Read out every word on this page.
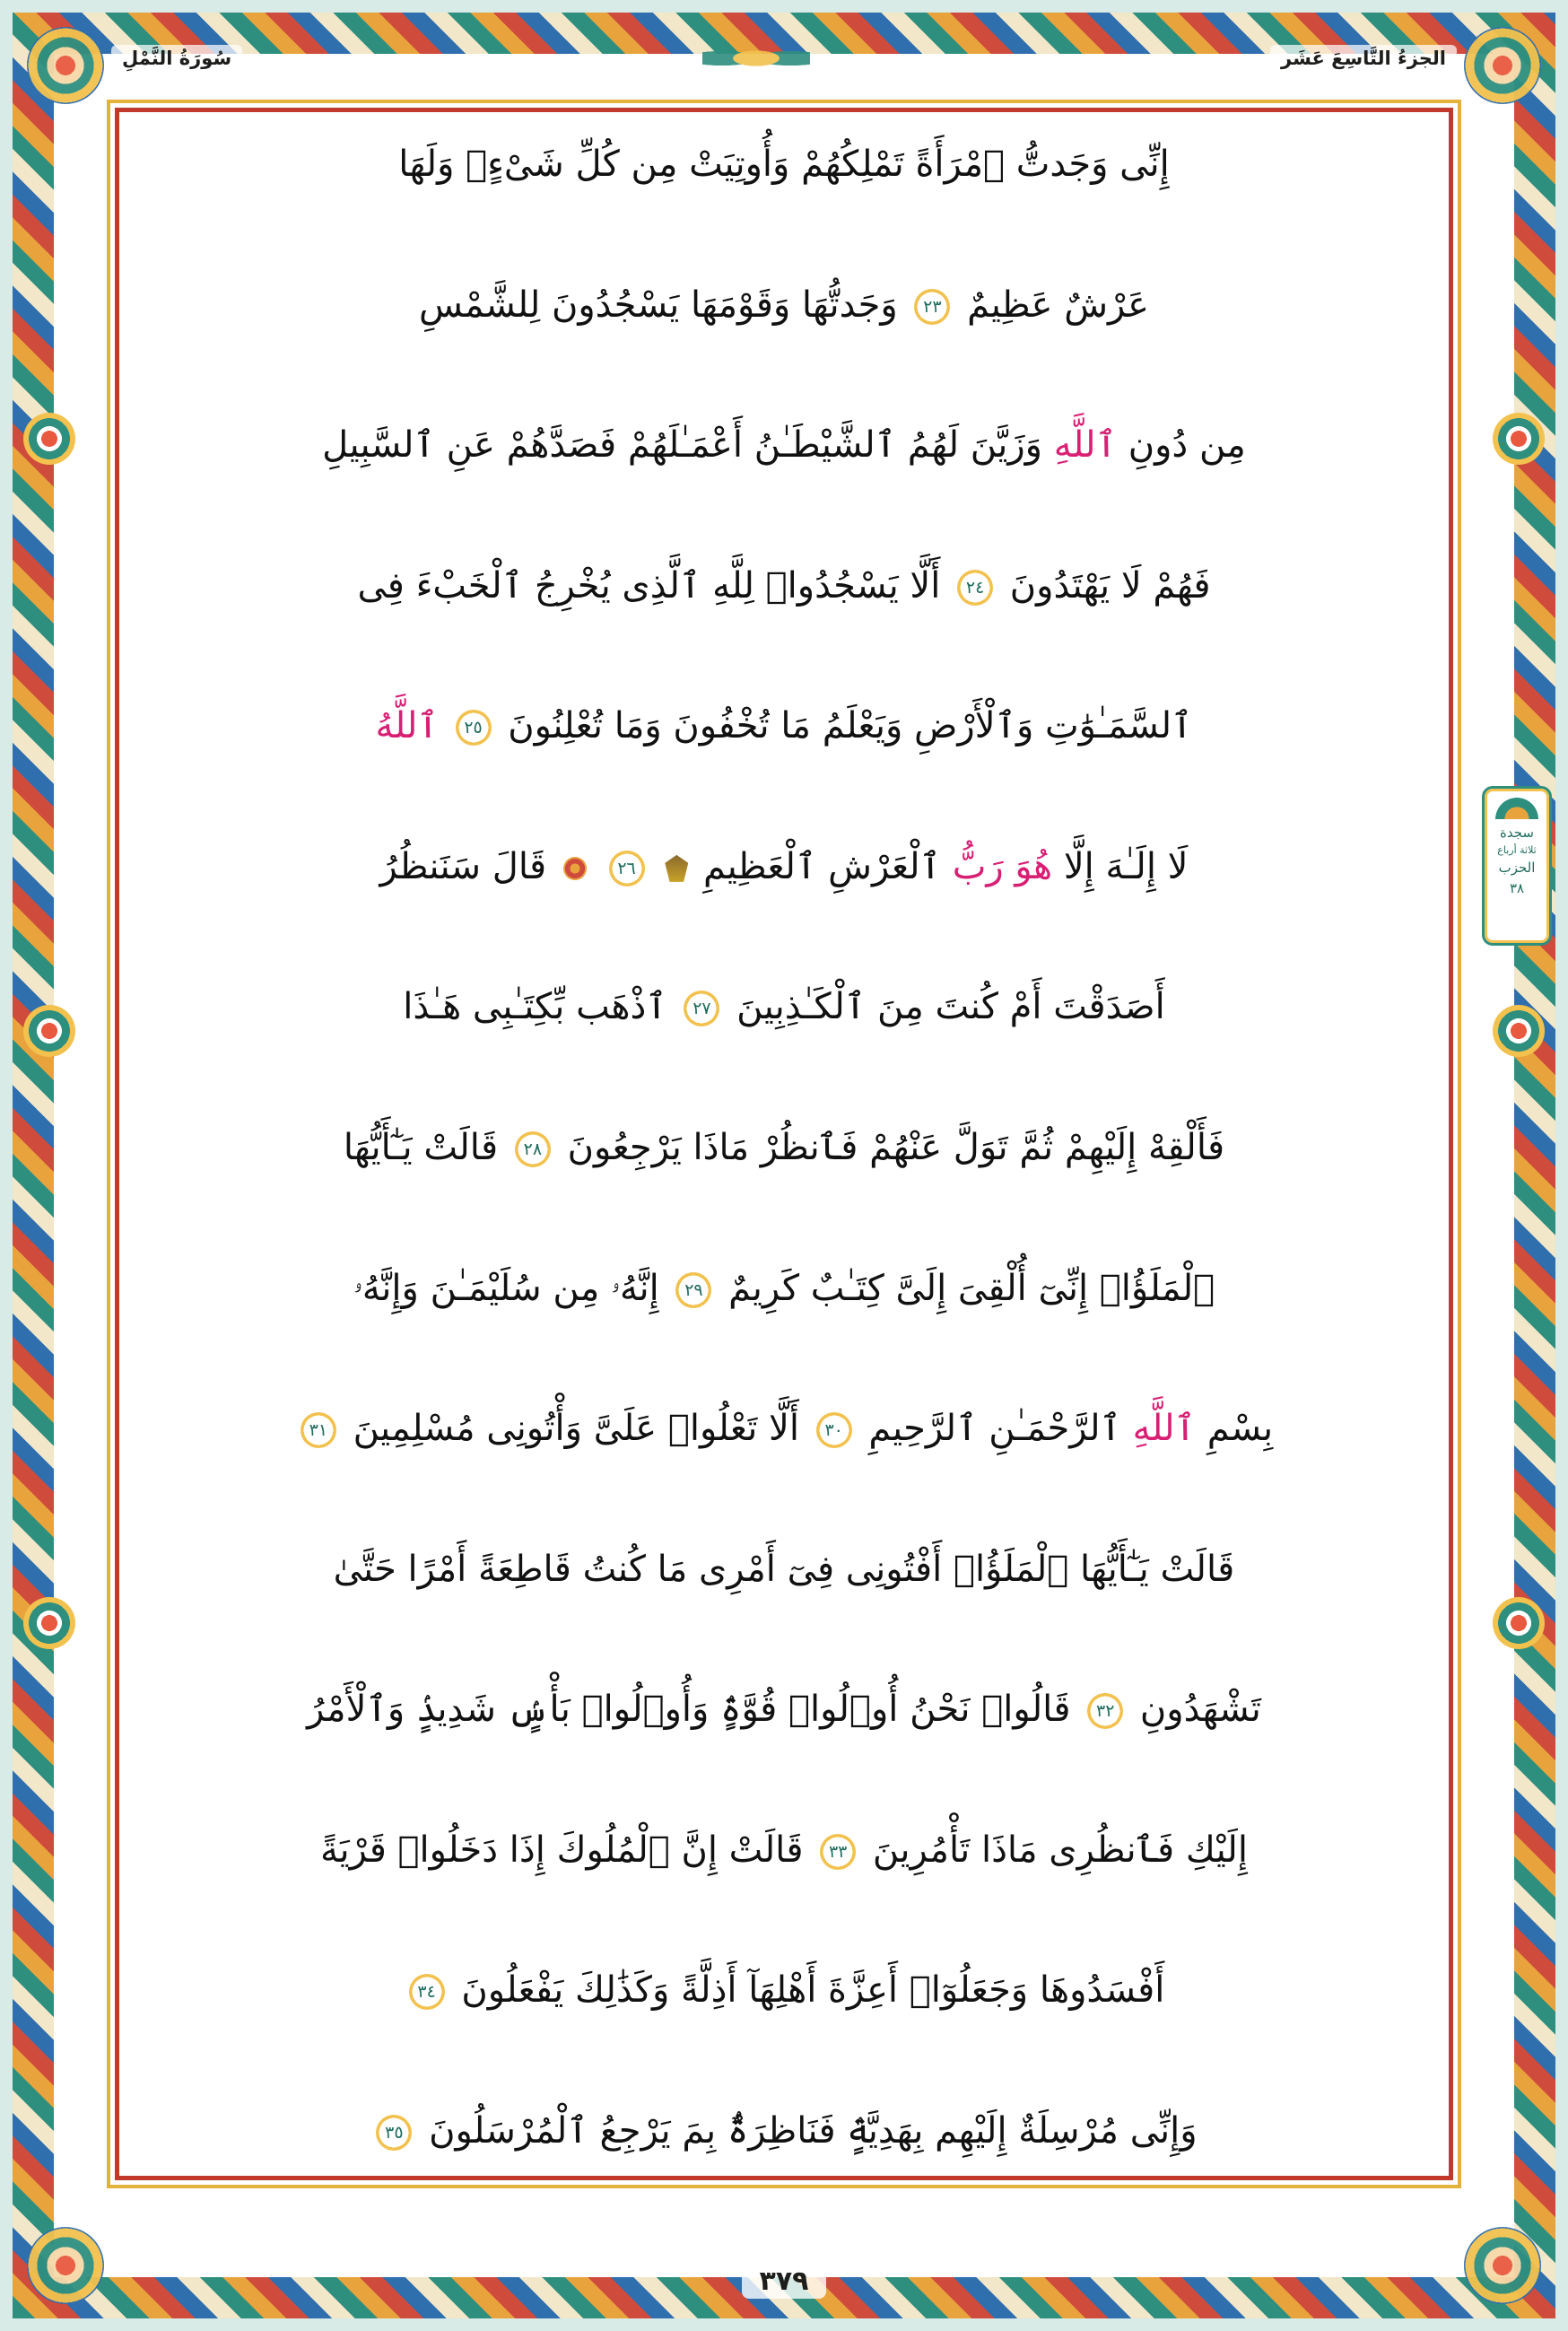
الجزءُ التَّاسِعَ عَشَر
سُورَةُ النَّمْلِ
إِنِّى وَجَدتُّ ٱمْرَأَةً تَمْلِكُهُمْ وَأُوتِيَتْ مِن كُلِّ شَىْءٍۢ وَلَهَا
عَرْشٌ عَظِيمٌ ٢٣ وَجَدتُّهَا وَقَوْمَهَا يَسْجُدُونَ لِلشَّمْسِ
مِن دُونِ ٱللَّهِ وَزَيَّنَ لَهُمُ ٱلشَّيْطَـٰنُ أَعْمَـٰلَهُمْ فَصَدَّهُمْ عَنِ ٱلسَّبِيلِ
فَهُمْ لَا يَهْتَدُونَ ٢٤ أَلَّا يَسْجُدُوا۟ لِلَّهِ ٱلَّذِى يُخْرِجُ ٱلْخَبْءَ فِى
ٱلسَّمَـٰوَٰتِ وَٱلْأَرْضِ وَيَعْلَمُ مَا تُخْفُونَ وَمَا تُعْلِنُونَ ٢٥ ٱللَّهُ
لَا إِلَـٰهَ إِلَّا هُوَ رَبُّ ٱلْعَرْشِ ٱلْعَظِيمِ  ٢٦  قَالَ سَنَنظُرُ
أَصَدَقْتَ أَمْ كُنتَ مِنَ ٱلْكَـٰذِبِينَ ٢٧ ٱذْهَب بِّكِتَـٰبِى هَـٰذَا
فَأَلْقِهْ إِلَيْهِمْ ثُمَّ تَوَلَّ عَنْهُمْ فَٱنظُرْ مَاذَا يَرْجِعُونَ ٢٨ قَالَتْ يَـٰٓأَيُّهَا
ٱلْمَلَؤُا۟ إِنِّىٓ أُلْقِىَ إِلَىَّ كِتَـٰبٌ كَرِيمٌ ٢٩ إِنَّهُۥ مِن سُلَيْمَـٰنَ وَإِنَّهُۥ
بِسْمِ ٱللَّهِ ٱلرَّحْمَـٰنِ ٱلرَّحِيمِ ٣٠ أَلَّا تَعْلُوا۟ عَلَىَّ وَأْتُونِى مُسْلِمِينَ ٣١
قَالَتْ يَـٰٓأَيُّهَا ٱلْمَلَؤُا۟ أَفْتُونِى فِىٓ أَمْرِى مَا كُنتُ قَاطِعَةً أَمْرًا حَتَّىٰ
تَشْهَدُونِ ٣٢ قَالُوا۟ نَحْنُ أُو۟لُوا۟ قُوَّةٍۢ وَأُو۟لُوا۟ بَأْسٍۢ شَدِيدٍۢ وَٱلْأَمْرُ
إِلَيْكِ فَٱنظُرِى مَاذَا تَأْمُرِينَ ٣٣ قَالَتْ إِنَّ ٱلْمُلُوكَ إِذَا دَخَلُوا۟ قَرْيَةً
أَفْسَدُوهَا وَجَعَلُوٓا۟ أَعِزَّةَ أَهْلِهَآ أَذِلَّةً وَكَذَٰلِكَ يَفْعَلُونَ ٣٤
وَإِنِّى مُرْسِلَةٌ إِلَيْهِم بِهَدِيَّةٍۢ فَنَاظِرَةٌۢ بِمَ يَرْجِعُ ٱلْمُرْسَلُونَ ٣٥
سجدة
ثلاثة أرباع
الحزب
٣٨
٣٧٩
